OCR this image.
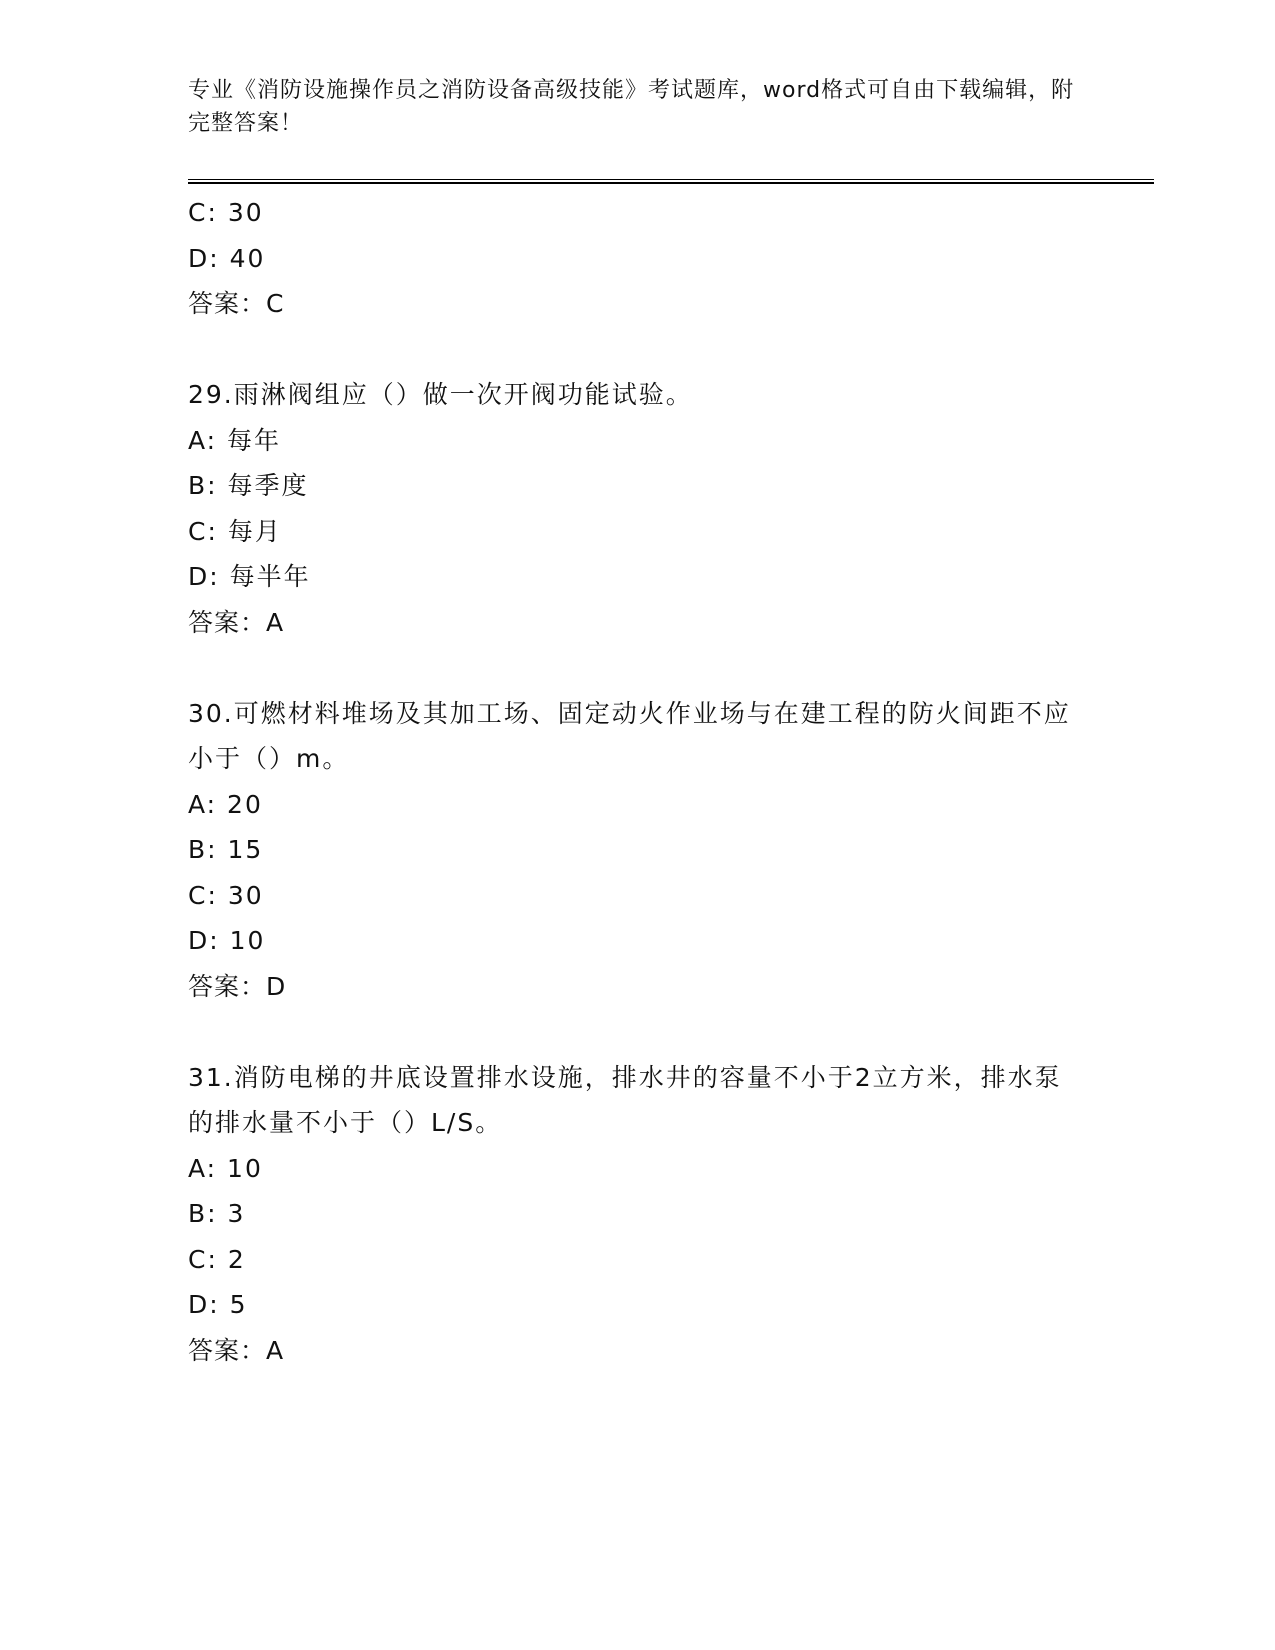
专业《消防设施操作员之消防设备高级技能》考试题库，word格式可自由下载编辑，附完整答案！
C: 30
D: 40
答案：C
29.雨淋阀组应（）做一次开阀功能试验。
A: 每年
B: 每季度
C: 每月
D: 每半年
答案：A
30.可燃材料堆场及其加工场、固定动火作业场与在建工程的防火间距不应小于（）m。
A: 20
B: 15
C: 30
D: 10
答案：D
31.消防电梯的井底设置排水设施，排水井的容量不小于2立方米，排水泵的排水量不小于（）L/S。
A: 10
B: 3
C: 2
D: 5
答案：A
